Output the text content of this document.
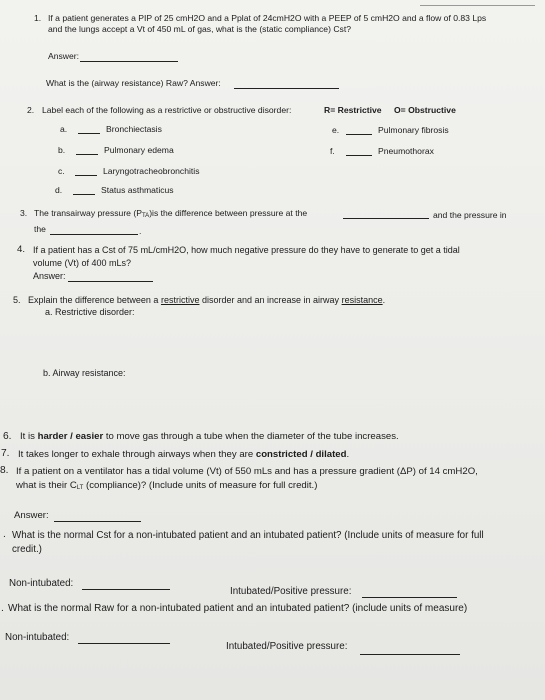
1. If a patient generates a PIP of 25 cmH2O and a Pplat of 24cmH2O with a PEEP of 5 cmH2O and a flow of 0.83 Lps
and the lungs accept a Vt of 450 mL of gas, what is the (static compliance) Cst?
Answer:
What is the (airway resistance) Raw? Answer:
2. Label each of the following as a restrictive or obstructive disorder:	R= Restrictive O= Obstructive
a.	Bronchiectasis
b.	Pulmonary edema
c.	Laryngotracheobronchitis
d.	Status asthmaticus
e.	Pulmonary fibrosis
f.	Pneumothorax
3. The transairway pressure (PTA)is the difference between pressure at the	and the pressure in
the	.
4. If a patient has a Cst of 75 mL/cmH2O, how much negative pressure do they have to generate to get a tidal
volume (Vt) of 400 mLs?
Answer:
5. Explain the difference between a restrictive disorder and an increase in airway resistance.
a. Restrictive disorder:
b. Airway resistance:
6. It is harder / easier to move gas through a tube when the diameter of the tube increases.
7. It takes longer to exhale through airways when they are constricted / dilated.
8. If a patient on a ventilator has a tidal volume (Vt) of 550 mLs and has a pressure gradient (ΔP) of 14 cmH2O,
what is their CLT (compliance)? (Include units of measure for full credit.)
Answer:
. What is the normal Cst for a non-intubated patient and an intubated patient? (Include units of measure for full
credit.)
Non-intubated:
Intubated/Positive pressure:
. What is the normal Raw for a non-intubated patient and an intubated patient? (include units of measure)
Non-intubated:
Intubated/Positive pressure:
